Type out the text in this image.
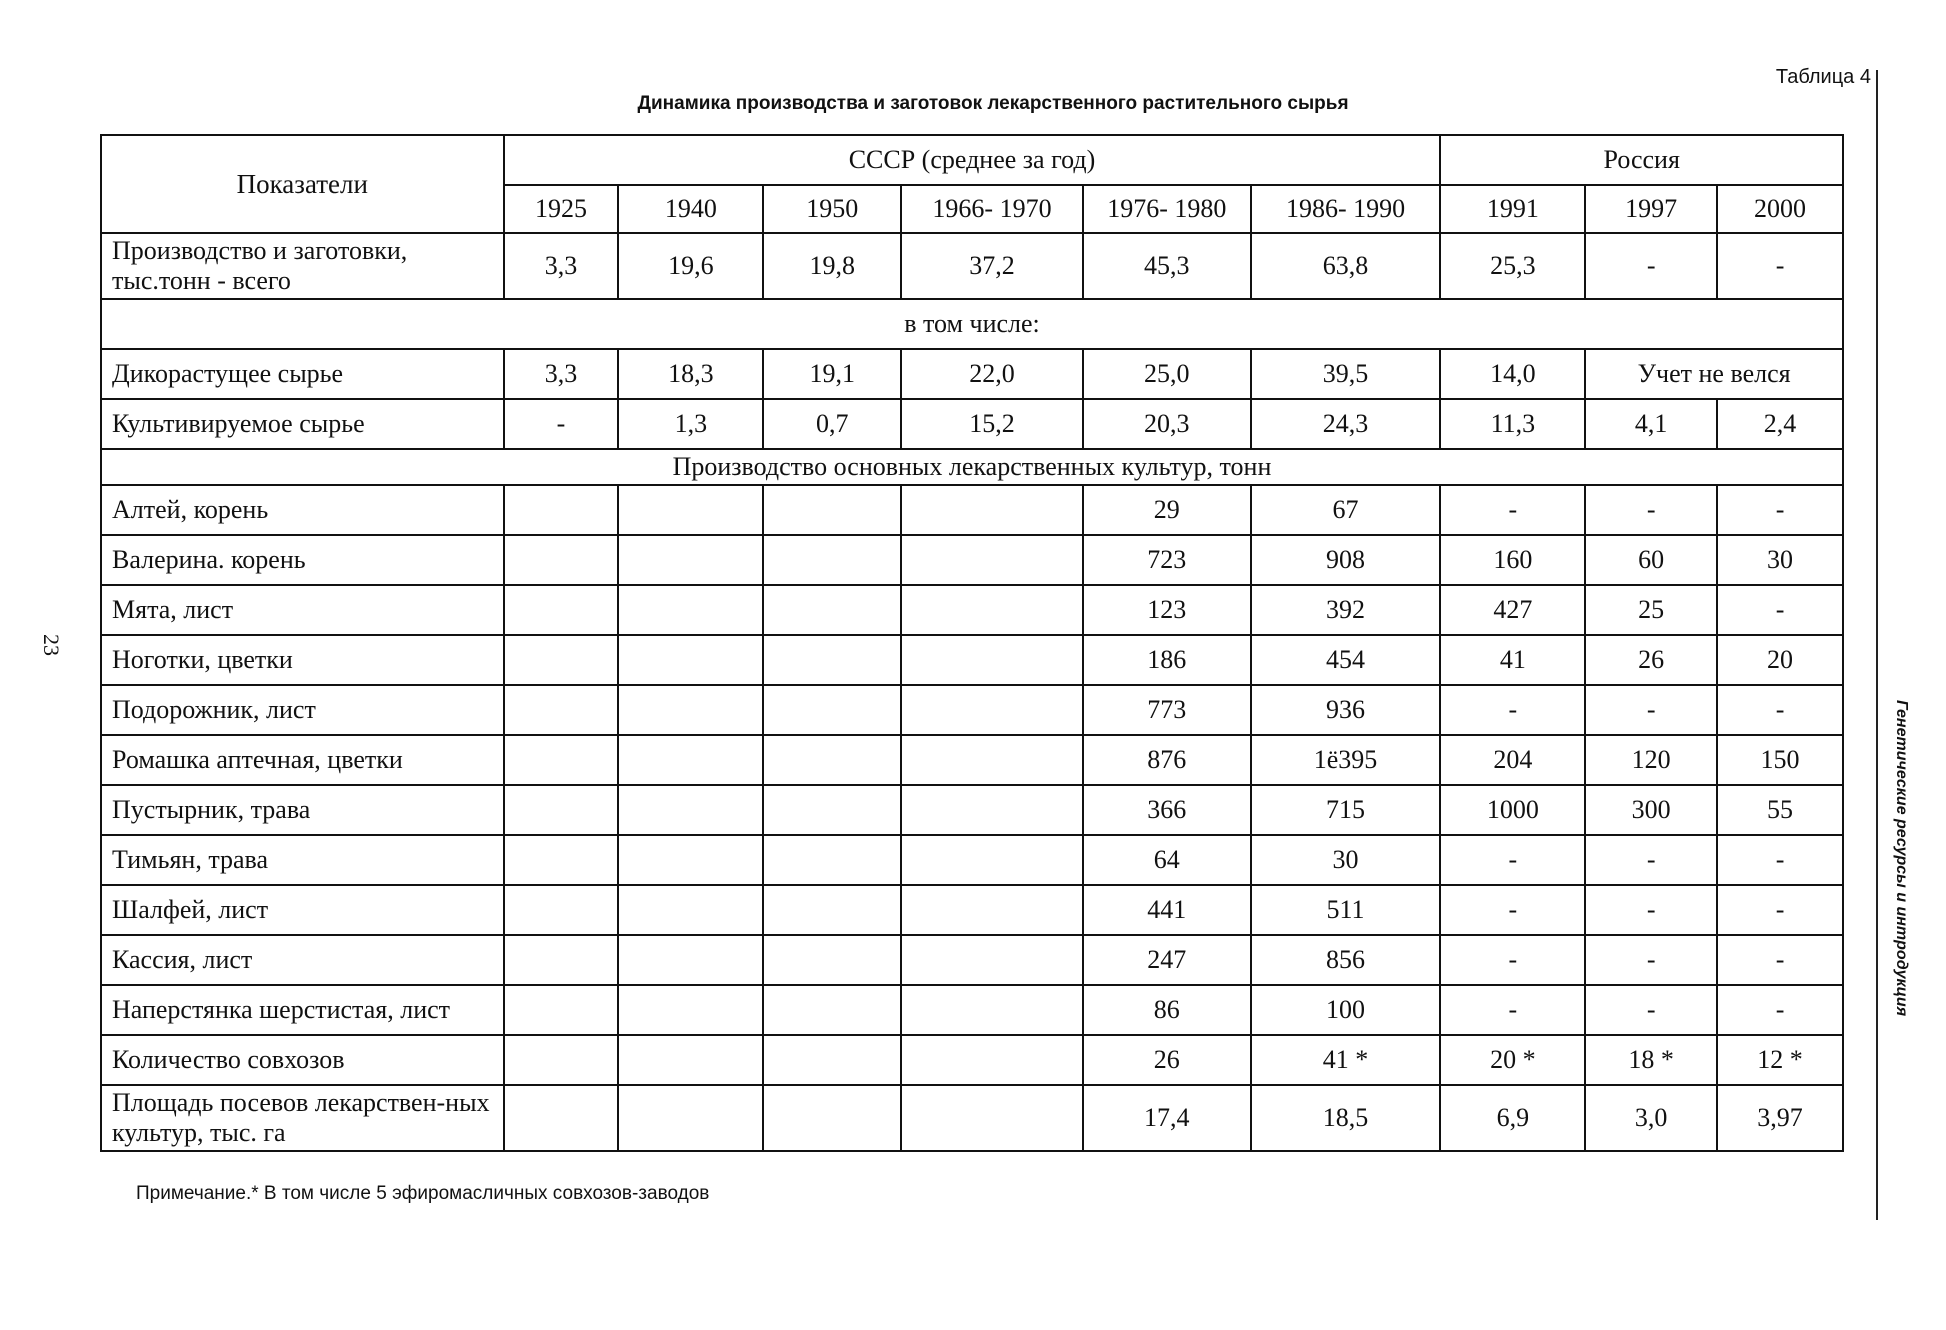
Таблица 4
Динамика производства и заготовок лекарственного растительного сырья
23
Генетические ресурсы и интродукция
Показатели	СССР (среднее за год)						Россия		
	1925	1940	1950	1966- 1970	1976- 1980	1986- 1990	1991	1997	2000
Производство и заготовки, тыс.тонн - всего	3,3	19,6	19,8	37,2	45,3	63,8	25,3	-	-
в том числе:									
Дикорастущее сырье	3,3	18,3	19,1	22,0	25,0	39,5	14,0	Учет не велся	
Культивируемое сырье	-	1,3	0,7	15,2	20,3	24,3	11,3	4,1	2,4
Производство основных лекарственных культур, тонн									
Алтей, корень					29	67	-	-	-
Валерина. корень					723	908	160	60	30
Мята, лист					123	392	427	25	-
Ноготки, цветки					186	454	41	26	20
Подорожник, лист					773	936	-	-	-
Ромашка аптечная, цветки					876	1ё395	204	120	150
Пустырник, трава					366	715	1000	300	55
Тимьян, трава					64	30	-	-	-
Шалфей, лист					441	511	-	-	-
Кассия, лист					247	856	-	-	-
Наперстянка шерстистая, лист					86	100	-	-	-
Количество совхозов					26	41 *	20 *	18 *	12 *
Площадь посевов лекарствен-ных культур, тыс. га					17,4	18,5	6,9	3,0	3,97
Примечание.* В том числе 5 эфиромасличных совхозов-заводов
